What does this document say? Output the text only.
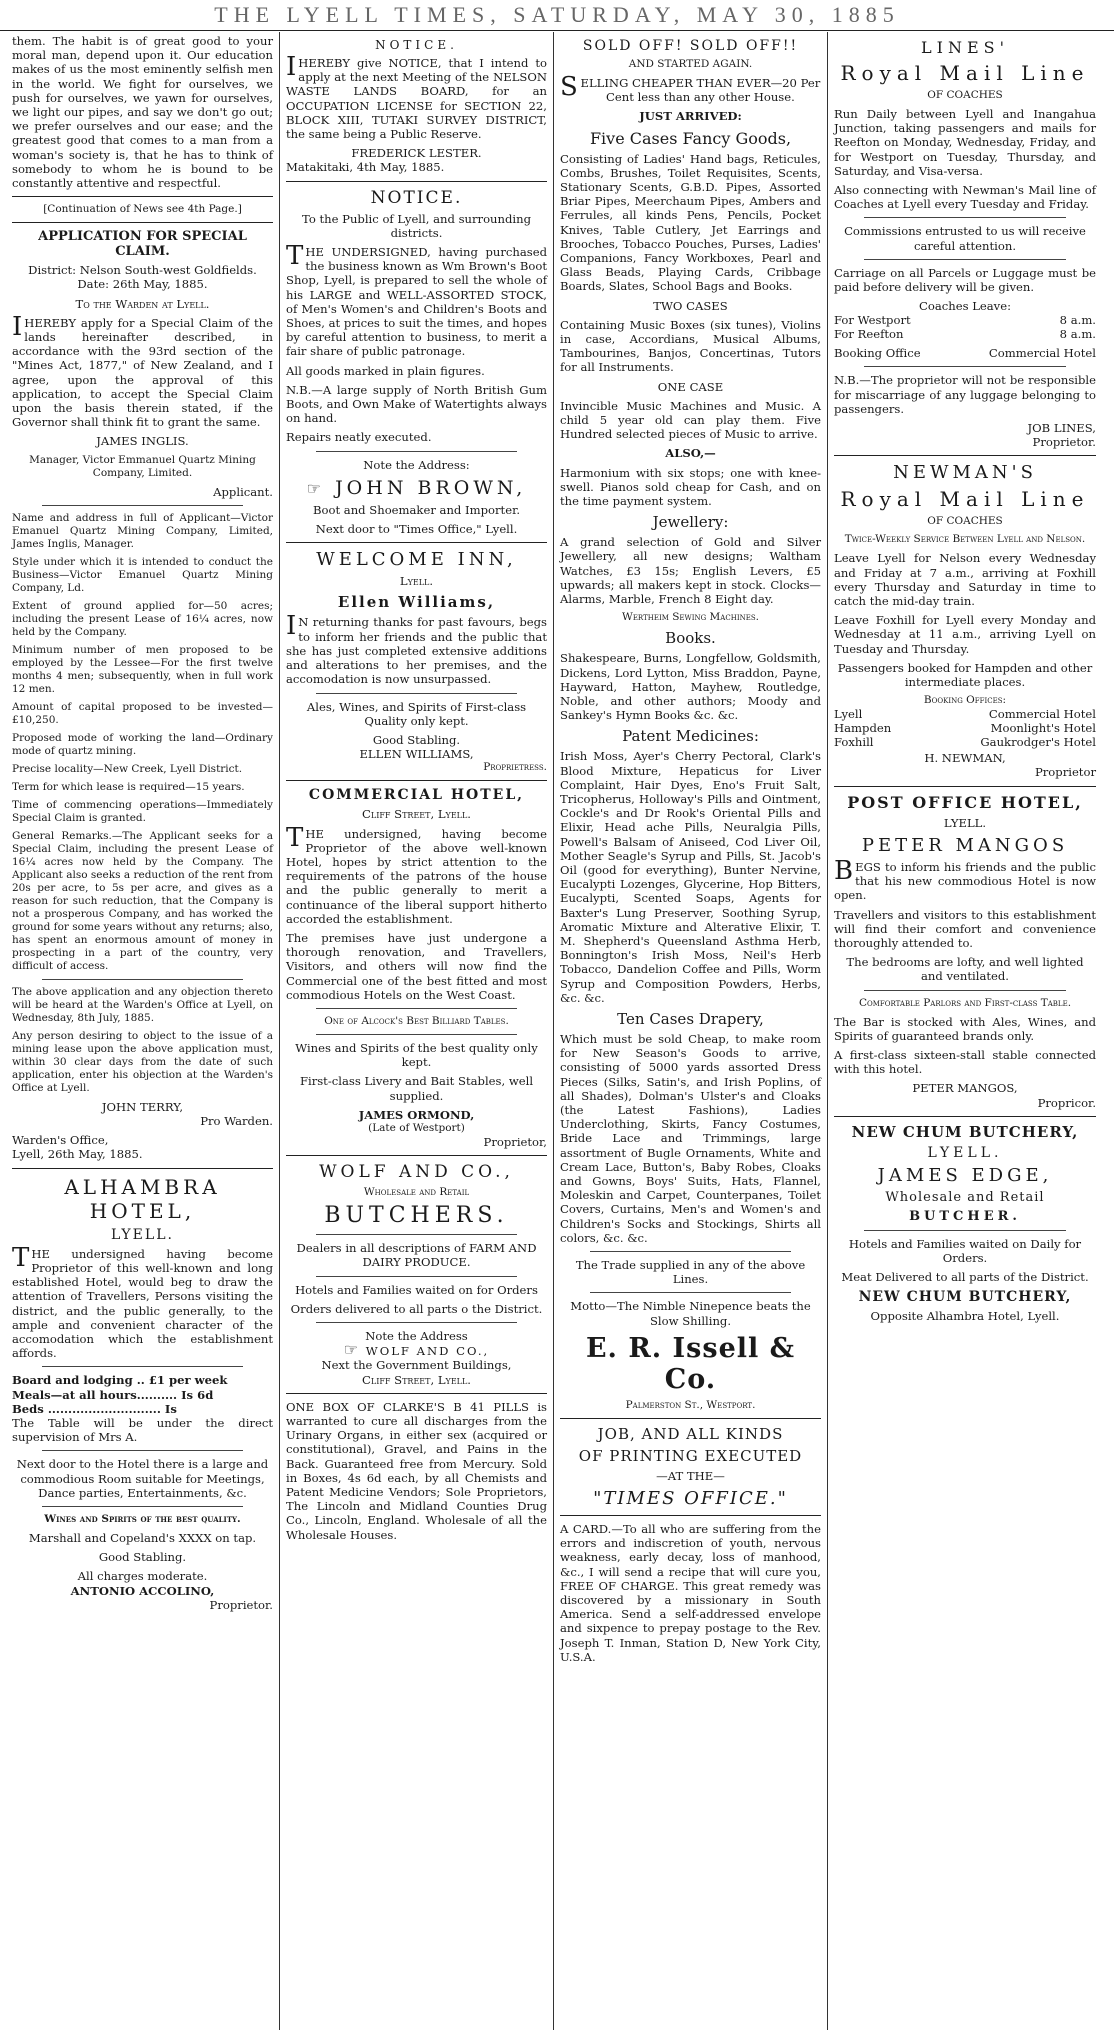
THE LYELL TIMES, SATURDAY, MAY 30, 1885

them. The habit is of great good to your moral man, depend upon it. Our education makes of us the most eminently selfish men in the world. We fight for ourselves, we push for ourselves, we yawn for ourselves, we light our pipes, and say we don't go out; we prefer ourselves and our ease; and the greatest good that comes to a man from a woman's society is, that he has to think of somebody to whom he is bound to be constantly attentive and respectful.

[Continuation of News see 4th Page.]

APPLICATION FOR SPECIAL CLAIM.

District: Nelson South-west Goldfields. Date: 26th May, 1885.

To the Warden at Lyell.

IHEREBY apply for a Special Claim of the lands hereinafter described, in accordance with the 93rd section of the "Mines Act, 1877," of New Zealand, and I agree, upon the approval of this application, to accept the Special Claim upon the basis therein stated, if the Governor shall think fit to grant the same.

JAMES INGLIS.

Manager, Victor Emmanuel Quartz Mining Company, Limited.

Applicant.

Name and address in full of Applicant—Victor Emanuel Quartz Mining Company, Limited, James Inglis, Manager.

Style under which it is intended to conduct the Business—Victor Emanuel Quartz Mining Company, Ld.

Extent of ground applied for—50 acres; including the present Lease of 16¼ acres, now held by the Company.

Minimum number of men proposed to be employed by the Lessee—For the first twelve months 4 men; subsequently, when in full work 12 men.

Amount of capital proposed to be invested—£10,250.

Proposed mode of working the land—Ordinary mode of quartz mining.

Precise locality—New Creek, Lyell District.

Term for which lease is required—15 years.

Time of commencing operations—Immediately Special Claim is granted.

General Remarks.—The Applicant seeks for a Special Claim, including the present Lease of 16¼ acres now held by the Company. The Applicant also seeks a reduction of the rent from 20s per acre, to 5s per acre, and gives as a reason for such reduction, that the Company is not a prosperous Company, and has worked the ground for some years without any returns; also, has spent an enormous amount of money in prospecting in a part of the country, very difficult of access.

The above application and any objection thereto will be heard at the Warden's Office at Lyell, on Wednesday, 8th July, 1885.

Any person desiring to object to the issue of a mining lease upon the above application must, within 30 clear days from the date of such application, enter his objection at the Warden's Office at Lyell.

JOHN TERRY,

Pro Warden.

Warden's Office,

Lyell, 26th May, 1885.

ALHAMBRA HOTEL,
LYELL.

THE undersigned having become Proprietor of this well-known and long established Hotel, would beg to draw the attention of Travellers, Persons visiting the district, and the public generally, to the ample and convenient character of the accomodation which the establishment affords.

Board and lodging .. £1 per week

Meals—at all hours.......... Is 6d

Beds ............................ Is

The Table will be under the direct supervision of Mrs A.

Next door to the Hotel there is a large and commodious Room suitable for Meetings, Dance parties, Entertainments, &c.

Wines and Spirits of the best quality.

Marshall and Copeland's XXXX on tap.

Good Stabling.

All charges moderate.

ANTONIO ACCOLINO,

Proprietor.

NOTICE.

IHEREBY give NOTICE, that I intend to apply at the next Meeting of the NELSON WASTE LANDS BOARD, for an OCCUPATION LICENSE for SECTION 22, BLOCK XIII, TUTAKI SURVEY DISTRICT, the same being a Public Reserve.

FREDERICK LESTER.

Matakitaki, 4th May, 1885.

NOTICE.

To the Public of Lyell, and surrounding districts.

THE UNDERSIGNED, having purchased the business known as Wm Brown's Boot Shop, Lyell, is prepared to sell the whole of his LARGE and WELL-ASSORTED STOCK, of Men's Women's and Children's Boots and Shoes, at prices to suit the times, and hopes by careful attention to business, to merit a fair share of public patronage.

All goods marked in plain figures.

N.B.—A large supply of North British Gum Boots, and Own Make of Watertights always on hand.

Repairs neatly executed.

Note the Address:

☞ JOHN BROWN,

Boot and Shoemaker and Importer.

Next door to "Times Office," Lyell.

WELCOME INN,

Lyell.

Ellen Williams,

IN returning thanks for past favours, begs to inform her friends and the public that she has just completed extensive additions and alterations to her premises, and the accomodation is now unsurpassed.

Ales, Wines, and Spirits of First-class Quality only kept.

Good Stabling.

ELLEN WILLIAMS,

Proprietress.

COMMERCIAL HOTEL,

Cliff Street, Lyell.

THE undersigned, having become Proprietor of the above well-known Hotel, hopes by strict attention to the requirements of the patrons of the house and the public generally to merit a continuance of the liberal support hitherto accorded the establishment.

The premises have just undergone a thorough renovation, and Travellers, Visitors, and others will now find the Commercial one of the best fitted and most commodious Hotels on the West Coast.

One of Alcock's Best Billiard Tables.

Wines and Spirits of the best quality only kept.

First-class Livery and Bait Stables, well supplied.

JAMES ORMOND,

(Late of Westport)

Proprietor,

WOLF AND CO.,

Wholesale and Retail

BUTCHERS.

Dealers in all descriptions of FARM AND DAIRY PRODUCE.

Hotels and Families waited on for Orders

Orders delivered to all parts o the District.

Note the Address

☞ WOLF AND CO.,

Next the Government Buildings,

Cliff Street, Lyell.

ONE BOX OF CLARKE'S B 41 PILLS is warranted to cure all discharges from the Urinary Organs, in either sex (acquired or constitutional), Gravel, and Pains in the Back. Guaranteed free from Mercury. Sold in Boxes, 4s 6d each, by all Chemists and Patent Medicine Vendors; Sole Proprietors, The Lincoln and Midland Counties Drug Co., Lincoln, England. Wholesale of all the Wholesale Houses.

SOLD OFF! SOLD OFF!!

AND STARTED AGAIN.

SELLING CHEAPER THAN EVER—20 Per Cent less than any other House.

JUST ARRIVED:

Five Cases Fancy Goods,

Consisting of Ladies' Hand bags, Reticules, Combs, Brushes, Toilet Requisites, Scents, Stationary Scents, G.B.D. Pipes, Assorted Briar Pipes, Meerchaum Pipes, Ambers and Ferrules, all kinds Pens, Pencils, Pocket Knives, Table Cutlery, Jet Earrings and Brooches, Tobacco Pouches, Purses, Ladies' Companions, Fancy Workboxes, Pearl and Glass Beads, Playing Cards, Cribbage Boards, Slates, School Bags and Books.

TWO CASES

Containing Music Boxes (six tunes), Violins in case, Accordians, Musical Albums, Tambourines, Banjos, Concertinas, Tutors for all Instruments.

ONE CASE

Invincible Music Machines and Music. A child 5 year old can play them. Five Hundred selected pieces of Music to arrive.

ALSO,—

Harmonium with six stops; one with knee-swell. Pianos sold cheap for Cash, and on the time payment system.

Jewellery:

A grand selection of Gold and Silver Jewellery, all new designs; Waltham Watches, £3 15s; English Levers, £5 upwards; all makers kept in stock. Clocks—Alarms, Marble, French 8 Eight day.

Wertheim Sewing Machines.

Books.

Shakespeare, Burns, Longfellow, Goldsmith, Dickens, Lord Lytton, Miss Braddon, Payne, Hayward, Hatton, Mayhew, Routledge, Noble, and other authors; Moody and Sankey's Hymn Books &c. &c.

Patent Medicines:

Irish Moss, Ayer's Cherry Pectoral, Clark's Blood Mixture, Hepaticus for Liver Complaint, Hair Dyes, Eno's Fruit Salt, Tricopherus, Holloway's Pills and Ointment, Cockle's and Dr Rook's Oriental Pills and Elixir, Head ache Pills, Neuralgia Pills, Powell's Balsam of Aniseed, Cod Liver Oil, Mother Seagle's Syrup and Pills, St. Jacob's Oil (good for everything), Bunter Nervine, Eucalypti Lozenges, Glycerine, Hop Bitters, Eucalypti, Scented Soaps, Agents for Baxter's Lung Preserver, Soothing Syrup, Aromatic Mixture and Alterative Elixir, T. M. Shepherd's Queensland Asthma Herb, Bonnington's Irish Moss, Neil's Herb Tobacco, Dandelion Coffee and Pills, Worm Syrup and Composition Powders, Herbs, &c. &c.

Ten Cases Drapery,

Which must be sold Cheap, to make room for New Season's Goods to arrive, consisting of 5000 yards assorted Dress Pieces (Silks, Satin's, and Irish Poplins, of all Shades), Dolman's Ulster's and Cloaks (the Latest Fashions), Ladies Underclothing, Skirts, Fancy Costumes, Bride Lace and Trimmings, large assortment of Bugle Ornaments, White and Cream Lace, Button's, Baby Robes, Cloaks and Gowns, Boys' Suits, Hats, Flannel, Moleskin and Carpet, Counterpanes, Toilet Covers, Curtains, Men's and Women's and Children's Socks and Stockings, Shirts all colors, &c. &c.

The Trade supplied in any of the above Lines.

Motto—The Nimble Ninepence beats the Slow Shilling.

E. R. Issell & Co.

Palmerston St., Westport.

JOB, AND ALL KINDS
OF PRINTING EXECUTED

—AT THE—

"TIMES OFFICE."

A CARD.—To all who are suffering from the errors and indiscretion of youth, nervous weakness, early decay, loss of manhood, &c., I will send a recipe that will cure you, FREE OF CHARGE. This great remedy was discovered by a missionary in South America. Send a self-addressed envelope and sixpence to prepay postage to the Rev. Joseph T. Inman, Station D, New York City, U.S.A.

LINES'
Royal Mail Line

OF COACHES

Run Daily between Lyell and Inangahua Junction, taking passengers and mails for Reefton on Monday, Wednesday, Friday, and for Westport on Tuesday, Thursday, and Saturday, and Visa-versa.

Also connecting with Newman's Mail line of Coaches at Lyell every Tuesday and Friday.

Commissions entrusted to us will receive careful attention.

Carriage on all Parcels or Luggage must be paid before delivery will be given.

Coaches Leave:

For Westport	8 a.m.
For Reefton	8 a.m.
Booking Office	Commercial Hotel

N.B.—The proprietor will not be responsible for miscarriage of any luggage belonging to passengers.

JOB LINES,

Proprietor.

NEWMAN'S
Royal Mail Line

OF COACHES

Twice-Weekly Service Between Lyell and Nelson.

Leave Lyell for Nelson every Wednesday and Friday at 7 a.m., arriving at Foxhill every Thursday and Saturday in time to catch the mid-day train.

Leave Foxhill for Lyell every Monday and Wednesday at 11 a.m., arriving Lyell on Tuesday and Thursday.

Passengers booked for Hampden and other intermediate places.

Booking Offices:

Lyell	Commercial Hotel
Hampden	Moonlight's Hotel
Foxhill	Gaukrodger's Hotel

H. NEWMAN,

Proprietor

POST OFFICE HOTEL,

LYELL.

PETER MANGOS

BEGS to inform his friends and the public that his new commodious Hotel is now open.

Travellers and visitors to this establishment will find their comfort and convenience thoroughly attended to.

The bedrooms are lofty, and well lighted and ventilated.

Comfortable Parlors and First-class Table.

The Bar is stocked with Ales, Wines, and Spirits of guaranteed brands only.

A first-class sixteen-stall stable connected with this hotel.

PETER MANGOS,

Propricor.

NEW CHUM BUTCHERY,
LYELL.
JAMES EDGE,
Wholesale and Retail
BUTCHER.

Hotels and Families waited on Daily for Orders.

Meat Delivered to all parts of the District.

NEW CHUM BUTCHERY,

Opposite Alhambra Hotel, Lyell.
